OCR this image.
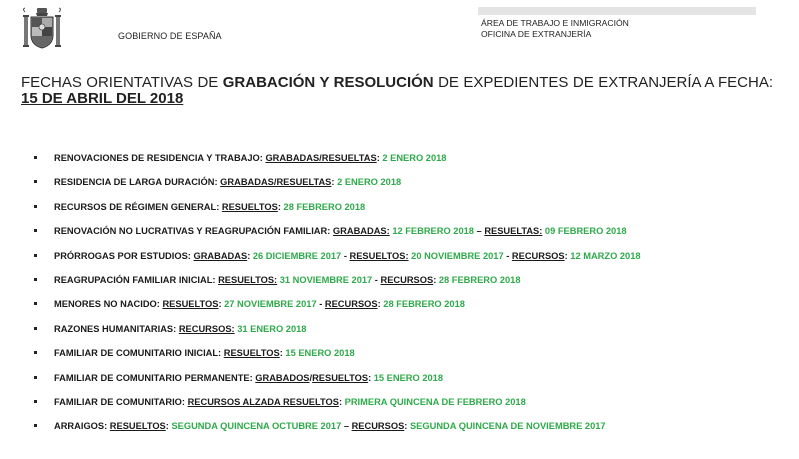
GOBIERNO DE ESPAÑA
ÁREA DE TRABAJO E INMIGRACIÓN
OFICINA DE EXTRANJERÍA
FECHAS ORIENTATIVAS DE GRABACIÓN Y RESOLUCIÓN DE EXPEDIENTES DE EXTRANJERÍA A FECHA: 15 DE ABRIL DEL 2018
RENOVACIONES DE RESIDENCIA Y TRABAJO: GRABADAS/RESUELTAS: 2 ENERO 2018
RESIDENCIA DE LARGA DURACIÓN: GRABADAS/RESUELTAS: 2 ENERO 2018
RECURSOS DE RÉGIMEN GENERAL: RESUELTOS: 28 FEBRERO 2018
RENOVACIÓN NO LUCRATIVAS Y REAGRUPACIÓN FAMILIAR: GRABADAS: 12 FEBRERO 2018 – RESUELTAS: 09 FEBRERO 2018
PRÓRROGAS POR ESTUDIOS: GRABADAS: 26 DICIEMBRE 2017 - RESUELTOS: 20 NOVIEMBRE 2017 - RECURSOS: 12 MARZO 2018
REAGRUPACIÓN FAMILIAR INICIAL: RESUELTOS: 31 NOVIEMBRE 2017 - RECURSOS: 28 FEBRERO 2018
MENORES NO NACIDO: RESUELTOS: 27 NOVIEMBRE 2017 - RECURSOS: 28 FEBRERO 2018
RAZONES HUMANITARIAS: RECURSOS: 31 ENERO 2018
FAMILIAR DE COMUNITARIO INICIAL: RESUELTOS: 15 ENERO 2018
FAMILIAR DE COMUNITARIO PERMANENTE: GRABADOS/RESUELTOS: 15 ENERO 2018
FAMILIAR DE COMUNITARIO: RECURSOS ALZADA RESUELTOS: PRIMERA QUINCENA DE FEBRERO 2018
ARRAIGOS: RESUELTOS: SEGUNDA QUINCENA OCTUBRE 2017 – RECURSOS: SEGUNDA QUINCENA DE NOVIEMBRE 2017
